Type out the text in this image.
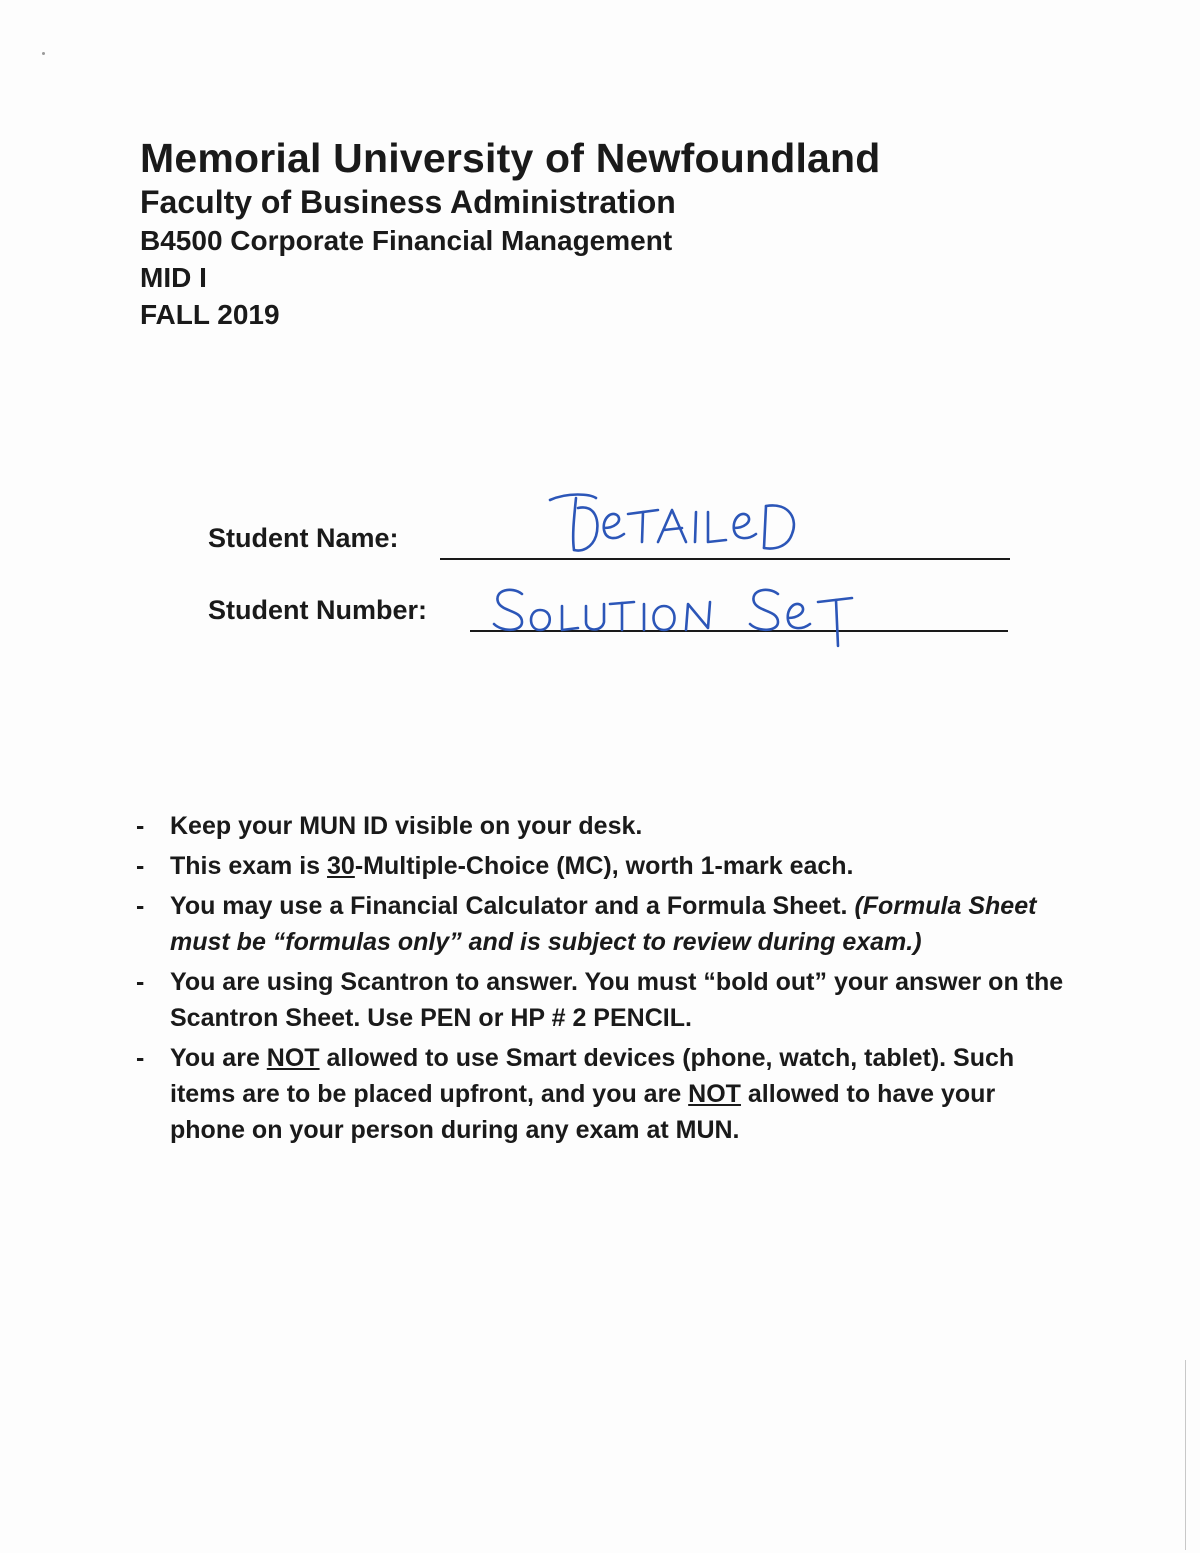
Memorial University of Newfoundland
Faculty of Business Administration
B4500 Corporate Financial Management
MID I
FALL 2019
Student Name:
Student Number:
- Keep your MUN ID visible on your desk.
- This exam is 30-Multiple-Choice (MC), worth 1-mark each.
- You may use a Financial Calculator and a Formula Sheet. (Formula Sheet must be “formulas only” and is subject to review during exam.)
- You are using Scantron to answer. You must “bold out” your answer on the Scantron Sheet. Use PEN or HP # 2 PENCIL.
- You are NOT allowed to use Smart devices (phone, watch, tablet). Such items are to be placed upfront, and you are NOT allowed to have your phone on your person during any exam at MUN.
